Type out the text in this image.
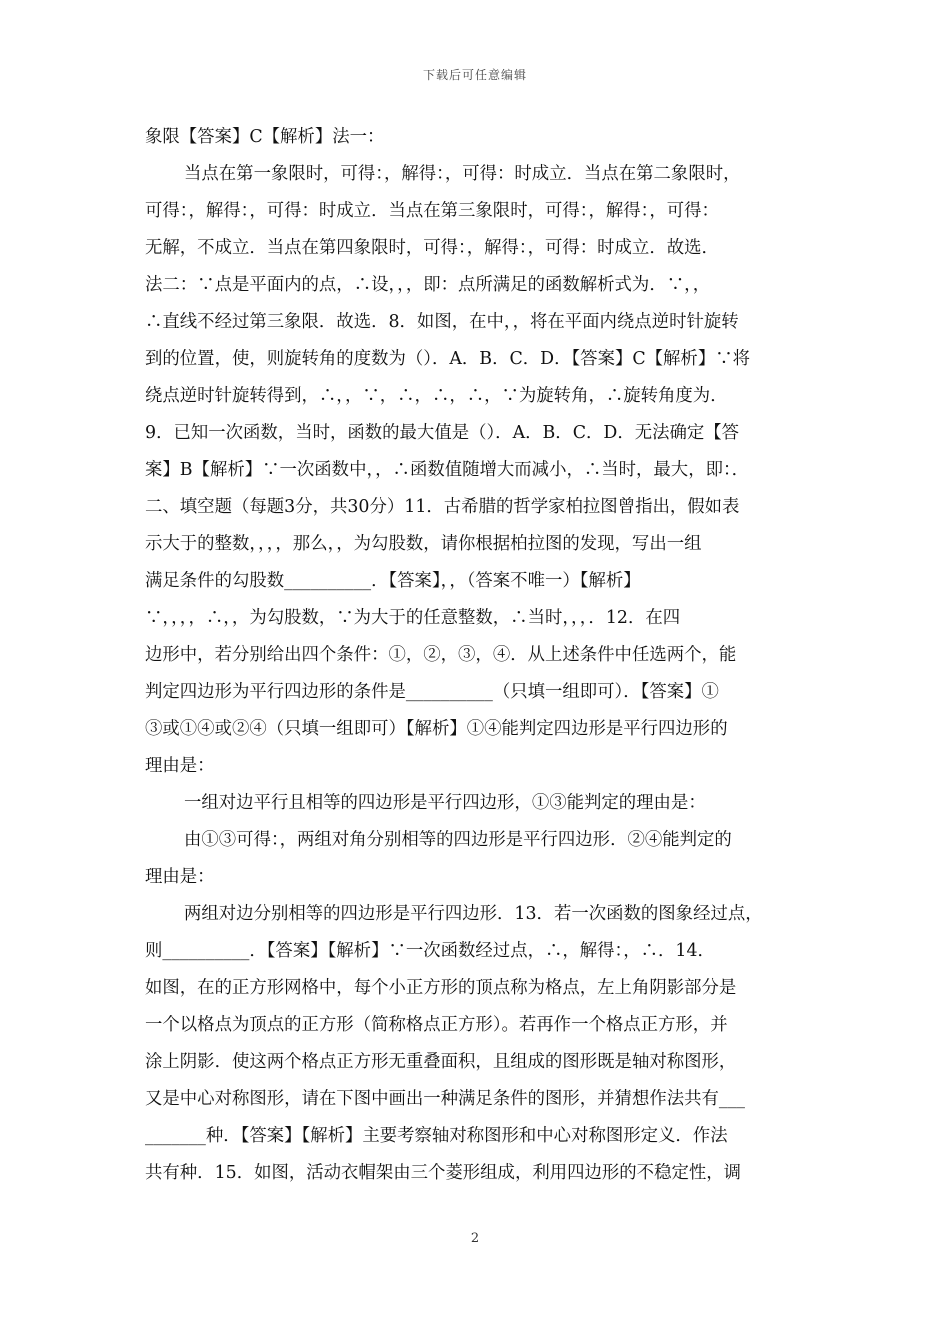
下载后可任意编辑

象限【答案】C【解析】法一：

当点在第一象限时，可得：，解得：，可得：时成立．当点在第二象限时，

可得：，解得：，可得：时成立．当点在第三象限时，可得：，解得：，可得：

无解，不成立．当点在第四象限时，可得：，解得：，可得：时成立．故选．

法二：∵点是平面内的点，∴设，，，即：点所满足的函数解析式为．∵，，

∴直线不经过第三象限．故选．8．如图，在中，，将在平面内绕点逆时针旋转

到的位置，使，则旋转角的度数为（）．A．B．C．D．【答案】C【解析】∵将

绕点逆时针旋转得到，∴，，∵，∴，∴，∴，∵为旋转角，∴旋转角度为．

9．已知一次函数，当时，函数的最大值是（）．A．B．C．D．无法确定【答

案】B【解析】∵一次函数中，，∴函数值随增大而减小，∴当时，最大，即：．

二、填空题（每题3分，共30分）11．古希腊的哲学家柏拉图曾指出，假如表

示大于的整数，，，，那么，，为勾股数，请你根据柏拉图的发现，写出一组

满足条件的勾股数__________．【答案】，，（答案不唯一）【解析】

∵，，，，∴，，为勾股数，∵为大于的任意整数，∴当时，，，．12．在四

边形中，若分别给出四个条件：①，②，③，④．从上述条件中任选两个，能

判定四边形为平行四边形的条件是__________（只填一组即可）．【答案】①

③或①④或②④（只填一组即可）【解析】①④能判定四边形是平行四边形的

理由是：

一组对边平行且相等的四边形是平行四边形，①③能判定的理由是：

由①③可得：，两组对角分别相等的四边形是平行四边形．②④能判定的

理由是：

两组对边分别相等的四边形是平行四边形．13．若一次函数的图象经过点，

则__________．【答案】【解析】∵一次函数经过点，∴，解得：，∴．14．

如图，在的正方形网格中，每个小正方形的顶点称为格点，左上角阴影部分是

一个以格点为顶点的正方形（简称格点正方形）。若再作一个格点正方形，并

涂上阴影．使这两个格点正方形无重叠面积，且组成的图形既是轴对称图形，

又是中心对称图形，请在下图中画出一种满足条件的图形，并猜想作法共有___

_______种．【答案】【解析】主要考察轴对称图形和中心对称图形定义．作法

共有种．15．如图，活动衣帽架由三个菱形组成，利用四边形的不稳定性，调

2
